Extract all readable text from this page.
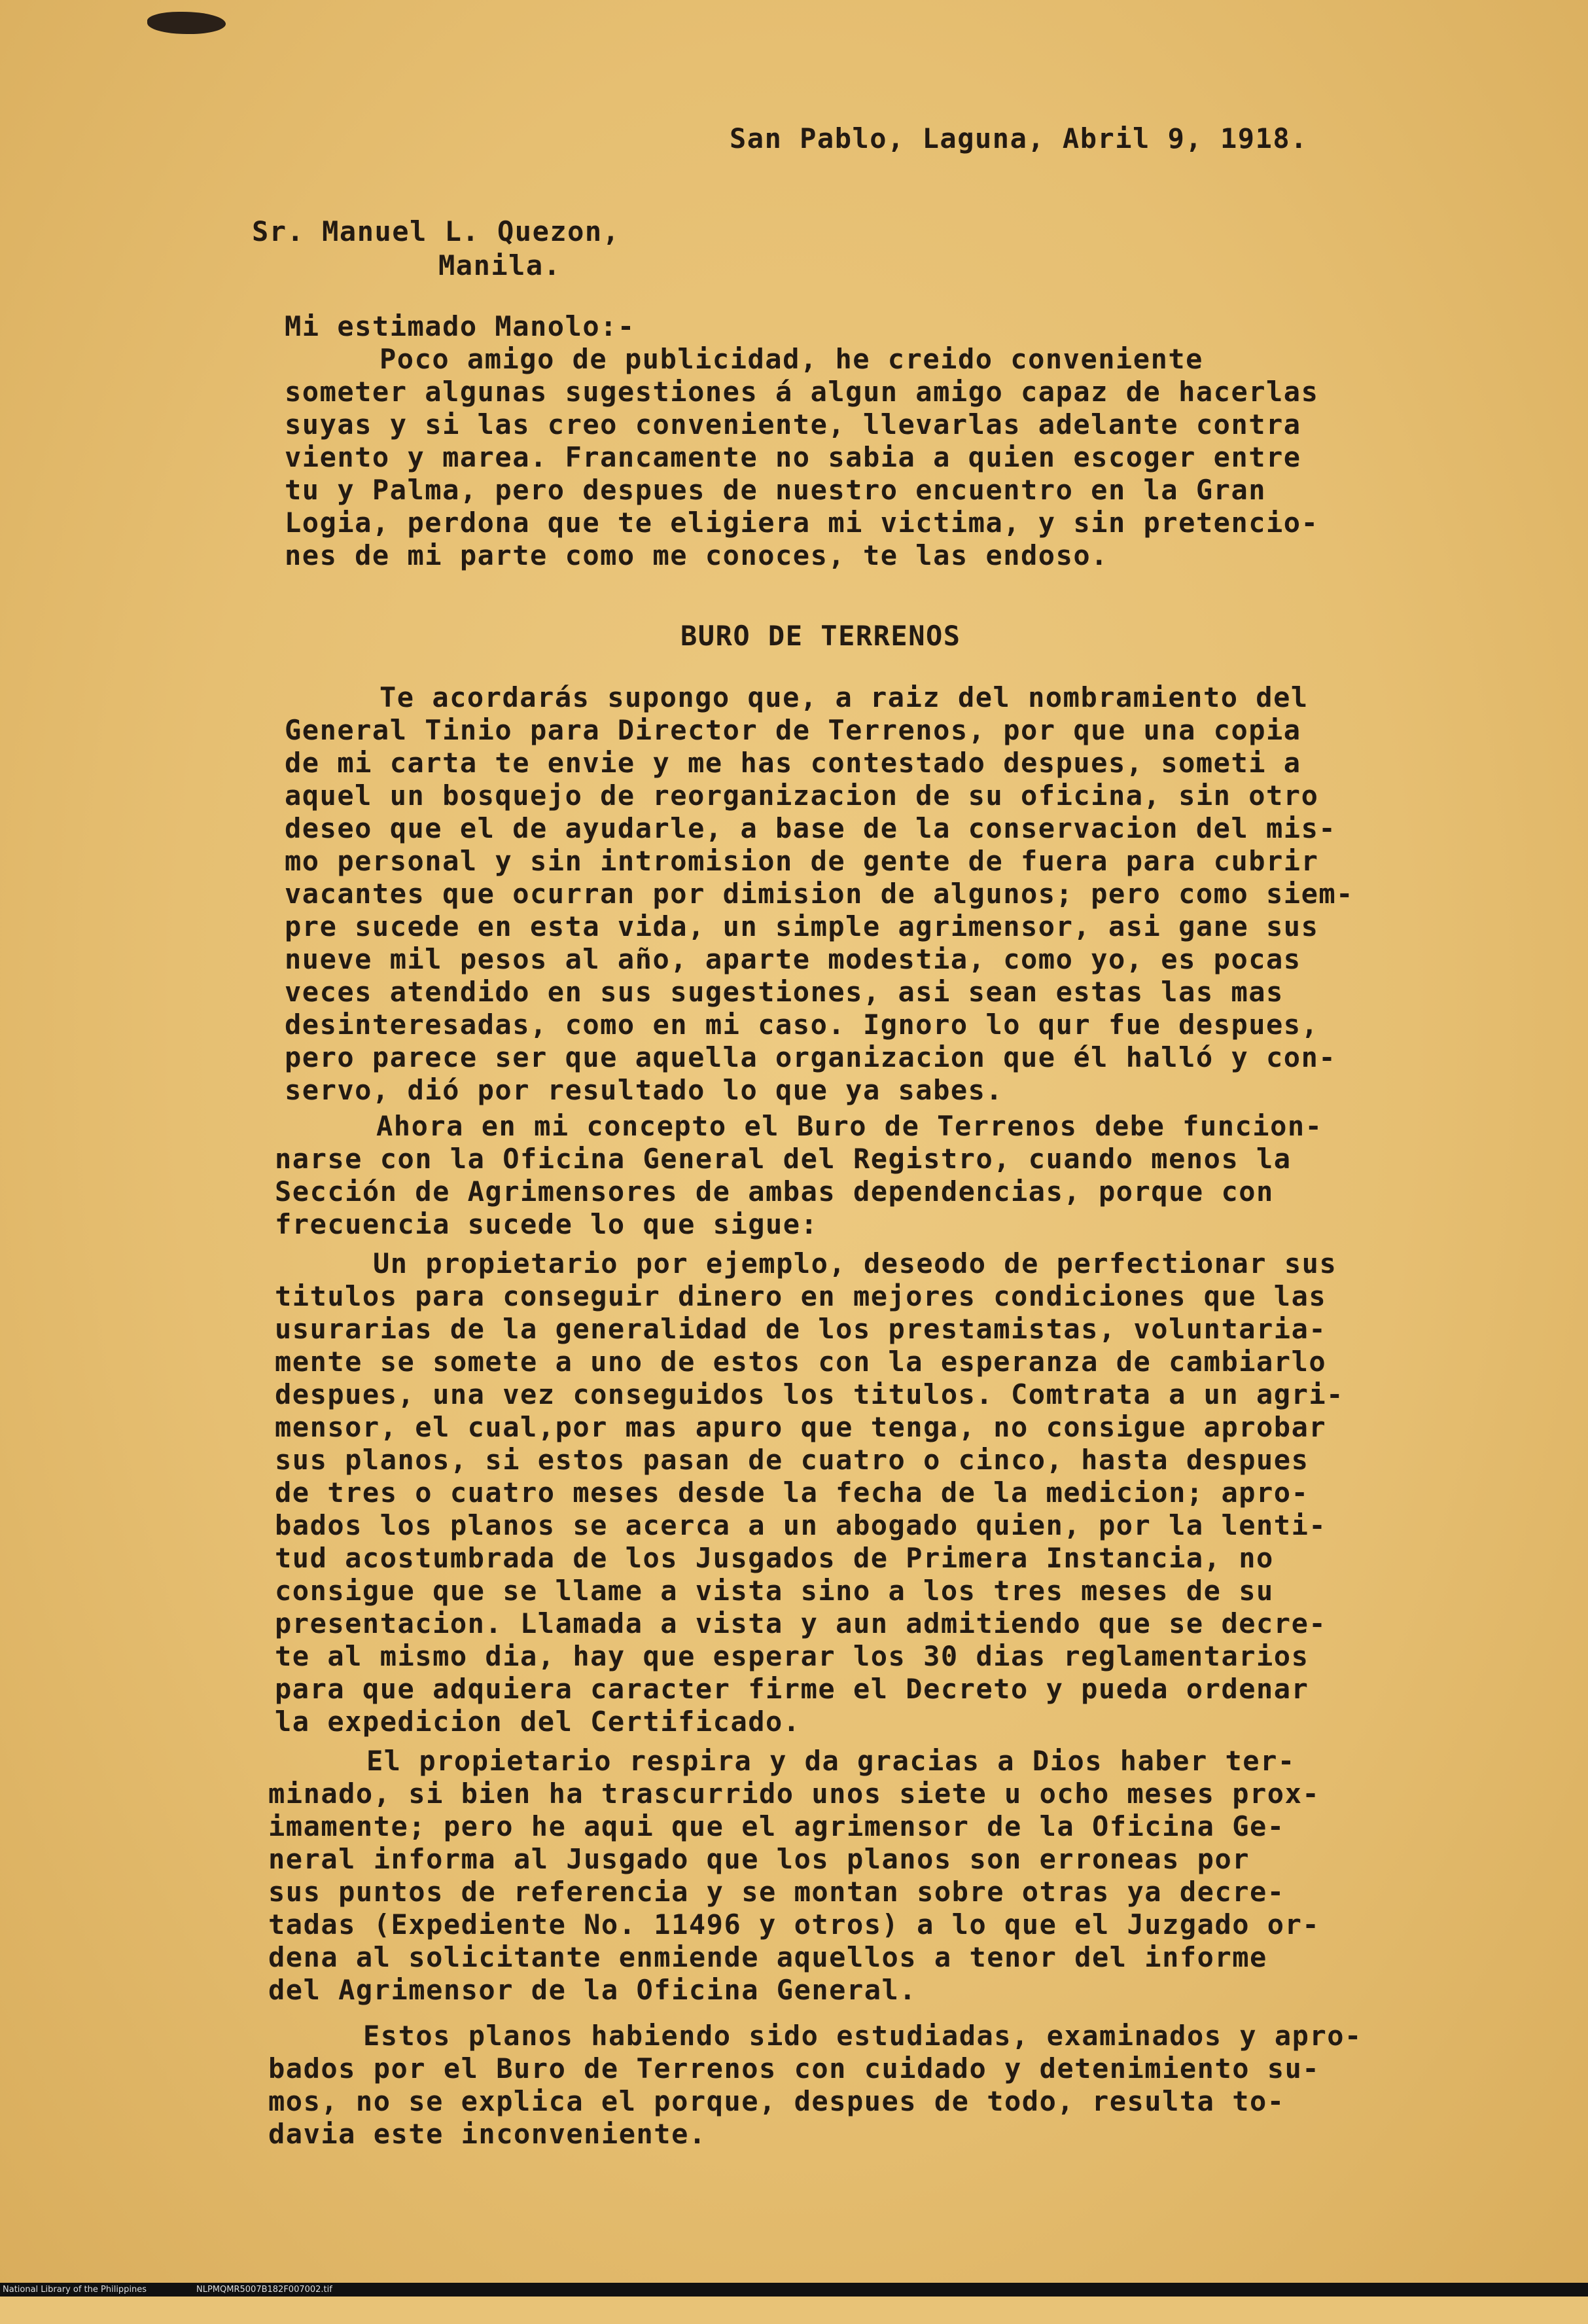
San Pablo, Laguna, Abril 9, 1918.
Sr. Manuel L. Quezon,
Manila.
Mi estimado Manolo:-
Poco amigo de publicidad, he creido conveniente
someter algunas sugestiones á algun amigo capaz de hacerlas
suyas y si las creo conveniente, llevarlas adelante contra
viento y marea. Francamente no sabia a quien escoger entre
tu y Palma, pero despues de nuestro encuentro en la Gran
Logia, perdona que te eligiera mi victima, y sin pretencio-
nes de mi parte como me conoces, te las endoso.
BURO DE TERRENOS
Te acordarás supongo que, a raiz del nombramiento del
General Tinio para Director de Terrenos, por que una copia
de mi carta te envie y me has contestado despues, someti a
aquel un bosquejo de reorganizacion de su oficina, sin otro
deseo que el de ayudarle, a base de la conservacion del mis-
mo personal y sin intromision de gente de fuera para cubrir
vacantes que ocurran por dimision de algunos; pero como siem-
pre sucede en esta vida, un simple agrimensor, asi gane sus
nueve mil pesos al año, aparte modestia, como yo, es pocas
veces atendido en sus sugestiones, asi sean estas las mas
desinteresadas, como en mi caso. Ignoro lo qur fue despues,
pero parece ser que aquella organizacion que él halló y con-
servo, dió por resultado lo que ya sabes.
Ahora en mi concepto el Buro de Terrenos debe funcion-
narse con la Oficina General del Registro, cuando menos la
Sección de Agrimensores de ambas dependencias, porque con
frecuencia sucede lo que sigue:
Un propietario por ejemplo, deseodo de perfectionar sus
titulos para conseguir dinero en mejores condiciones que las
usurarias de la generalidad de los prestamistas, voluntaria-
mente se somete a uno de estos con la esperanza de cambiarlo
despues, una vez conseguidos los titulos. Comtrata a un agri-
mensor, el cual,por mas apuro que tenga, no consigue aprobar
sus planos, si estos pasan de cuatro o cinco, hasta despues
de tres o cuatro meses desde la fecha de la medicion; apro-
bados los planos se acerca a un abogado quien, por la lenti-
tud acostumbrada de los Jusgados de Primera Instancia, no
consigue que se llame a vista sino a los tres meses de su
presentacion. Llamada a vista y aun admitiendo que se decre-
te al mismo dia, hay que esperar los 30 dias reglamentarios
para que adquiera caracter firme el Decreto y pueda ordenar
la expedicion del Certificado.
El propietario respira y da gracias a Dios haber ter-
minado, si bien ha trascurrido unos siete u ocho meses prox-
imamente; pero he aqui que el agrimensor de la Oficina Ge-
neral informa al Jusgado que los planos son erroneas por
sus puntos de referencia y se montan sobre otras ya decre-
tadas (Expediente No. 11496 y otros) a lo que el Juzgado or-
dena al solicitante enmiende aquellos a tenor del informe
del Agrimensor de la Oficina General.
Estos planos habiendo sido estudiadas, examinados y apro-
bados por el Buro de Terrenos con cuidado y detenimiento su-
mos, no se explica el porque, despues de todo, resulta to-
davia este inconveniente.

National Library of the Philippines

	NLPMQMR5007B182F007002.tif
